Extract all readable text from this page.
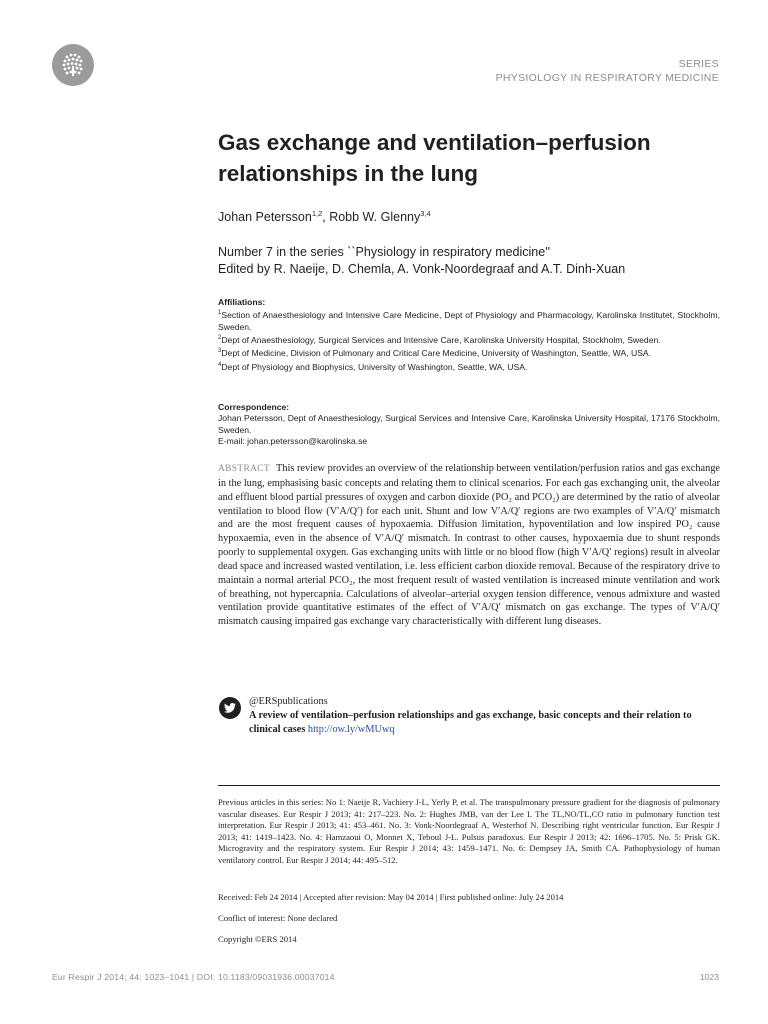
SERIES
PHYSIOLOGY IN RESPIRATORY MEDICINE
Gas exchange and ventilation–perfusion relationships in the lung
Johan Petersson$^{1,2}$, Robb W. Glenny$^{3,4}$
Number 7 in the series ``Physiology in respiratory medicine''
Edited by R. Naeije, D. Chemla, A. Vonk-Noordegraaf and A.T. Dinh-Xuan
Affiliations:
$^1$Section of Anaesthesiology and Intensive Care Medicine, Dept of Physiology and Pharmacology, Karolinska Institutet, Stockholm, Sweden.
$^2$Dept of Anaesthesiology, Surgical Services and Intensive Care, Karolinska University Hospital, Stockholm, Sweden.
$^3$Dept of Medicine, Division of Pulmonary and Critical Care Medicine, University of Washington, Seattle, WA, USA.
$^4$Dept of Physiology and Biophysics, University of Washington, Seattle, WA, USA.
Correspondence:
Johan Petersson, Dept of Anaesthesiology, Surgical Services and Intensive Care, Karolinska University Hospital, 17176 Stockholm, Sweden.
E-mail: johan.petersson@karolinska.se
ABSTRACT This review provides an overview of the relationship between ventilation/perfusion ratios and gas exchange in the lung, emphasising basic concepts and relating them to clinical scenarios. For each gas exchanging unit, the alveolar and effluent blood partial pressures of oxygen and carbon dioxide (PO₂ and PCO₂) are determined by the ratio of alveolar ventilation to blood flow (V′A/Q′) for each unit. Shunt and low V′A/Q′ regions are two examples of V′A/Q′ mismatch and are the most frequent causes of hypoxaemia. Diffusion limitation, hypoventilation and low inspired PO₂ cause hypoxaemia, even in the absence of V′A/Q′ mismatch. In contrast to other causes, hypoxaemia due to shunt responds poorly to supplemental oxygen. Gas exchanging units with little or no blood flow (high V′A/Q′ regions) result in alveolar dead space and increased wasted ventilation, i.e. less efficient carbon dioxide removal. Because of the respiratory drive to maintain a normal arterial PCO₂, the most frequent result of wasted ventilation is increased minute ventilation and work of breathing, not hypercapnia. Calculations of alveolar–arterial oxygen tension difference, venous admixture and wasted ventilation provide quantitative estimates of the effect of V′A/Q′ mismatch on gas exchange. The types of V′A/Q′ mismatch causing impaired gas exchange vary characteristically with different lung diseases.
@ERSpublications
A review of ventilation–perfusion relationships and gas exchange, basic concepts and their relation to clinical cases http://ow.ly/wMUwq
Previous articles in this series: No 1: Naeije R, Vachiery J-L, Yerly P, et al. The transpulmonary pressure gradient for the diagnosis of pulmonary vascular diseases. Eur Respir J 2013; 41: 217–223. No. 2: Hughes JMB, van der Lee I. The TL,NO/TL,CO ratio in pulmonary function test interpretation. Eur Respir J 2013; 41: 453–461. No. 3: Vonk-Noordegraaf A, Westerhof N. Describing right ventricular function. Eur Respir J 2013; 41: 1419–1423. No. 4: Hamzaoui O, Monnet X, Teboul J-L. Pulsus paradoxus. Eur Respir J 2013; 42: 1696–1705. No. 5: Prisk GK. Microgravity and the respiratory system. Eur Respir J 2014; 43: 1459–1471. No. 6: Dempsey JA, Smith CA. Pathophysiology of human ventilatory control. Eur Respir J 2014; 44: 495–512.
Received: Feb 24 2014 | Accepted after revision: May 04 2014 | First published online: July 24 2014
Conflict of interest: None declared
Copyright ©ERS 2014
Eur Respir J 2014; 44: 1023–1041 | DOI: 10.1183/09031936.00037014	1023
